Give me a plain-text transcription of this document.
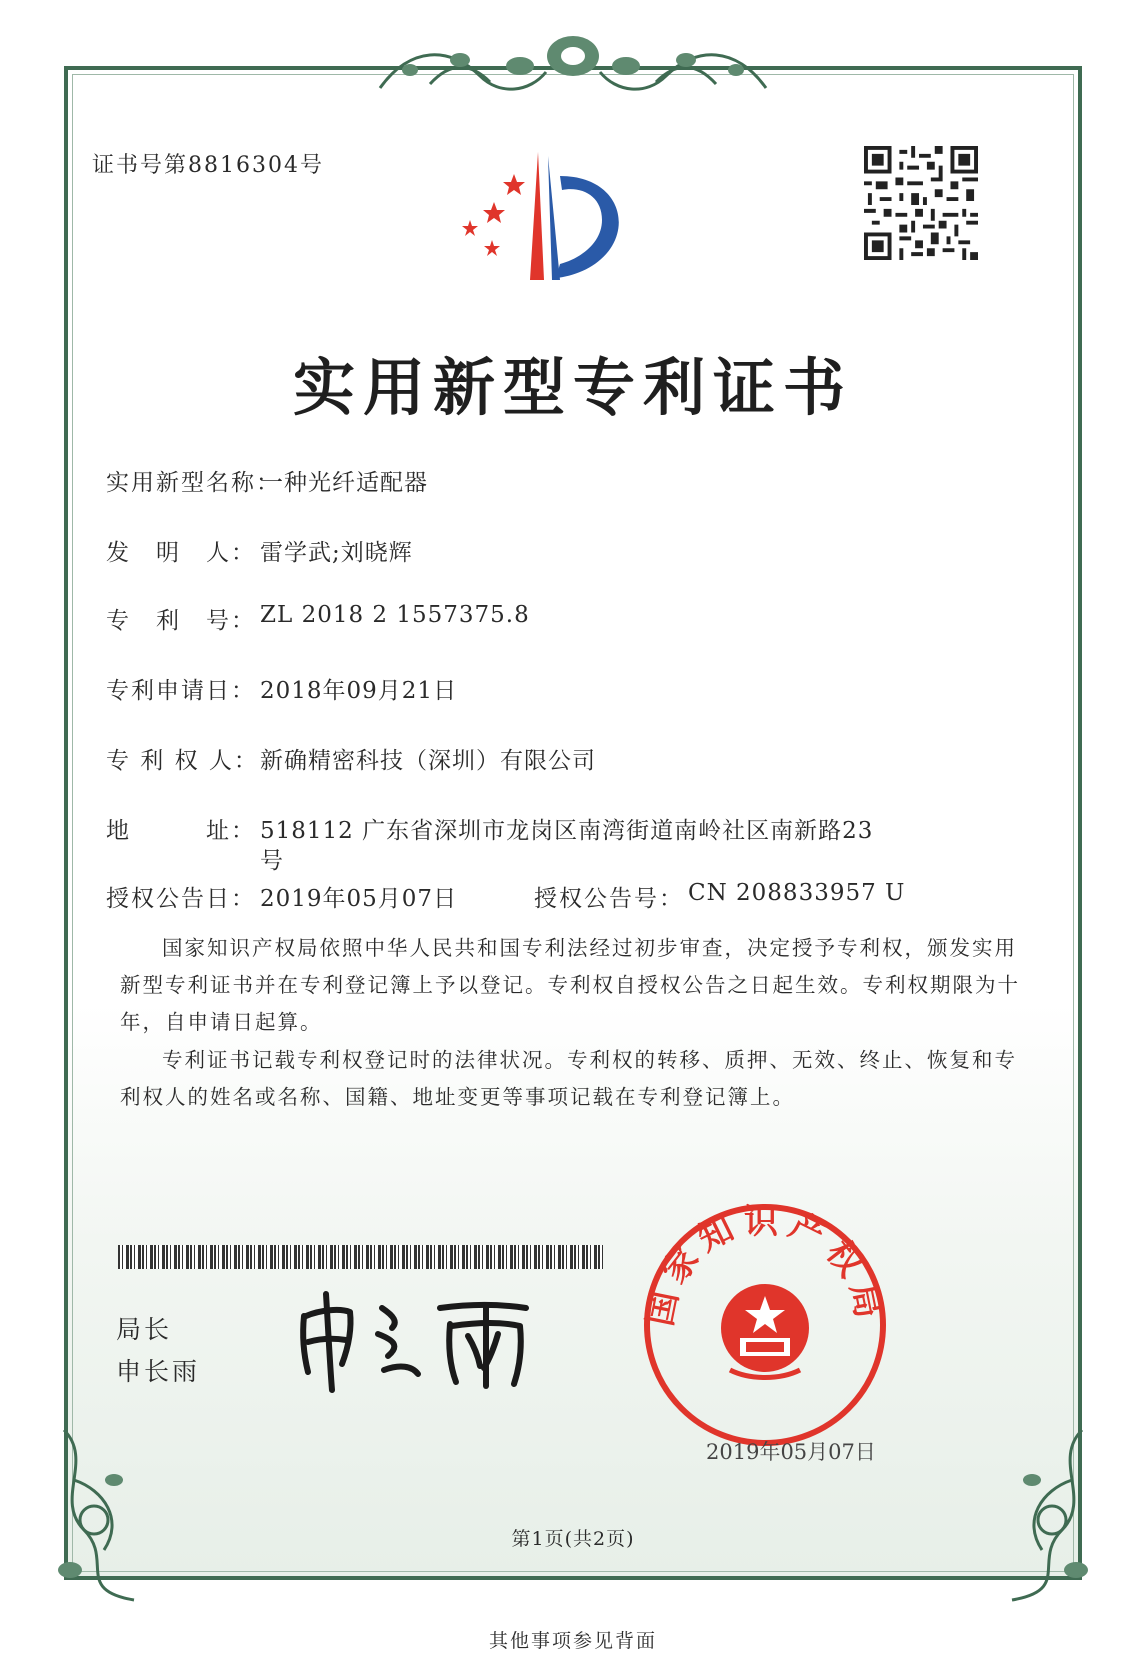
证书号第8816304号
实用新型专利证书
实用新型名称：
一种光纤适配器
发　明　人： 雷学武;刘晓辉
专　利　号： ZL 2018 2 1557375.8
专利申请日： 2018年09月21日
专 利 权 人： 新确精密科技（深圳）有限公司
地　　　址： 518112 广东省深圳市龙岗区南湾街道南岭社区南新路23
号
授权公告日： 2019年05月07日	授权公告号： CN 208833957 U
国家知识产权局依照中华人民共和国专利法经过初步审查，决定授予专利权，颁发实用新型专利证书并在专利登记簿上予以登记。专利权自授权公告之日起生效。专利权期限为十年，自申请日起算。
专利证书记载专利权登记时的法律状况。专利权的转移、质押、无效、终止、恢复和专利权人的姓名或名称、国籍、地址变更等事项记载在专利登记簿上。
局长
申长雨
国家知识产权局
2019年05月07日
第1页(共2页)
其他事项参见背面
